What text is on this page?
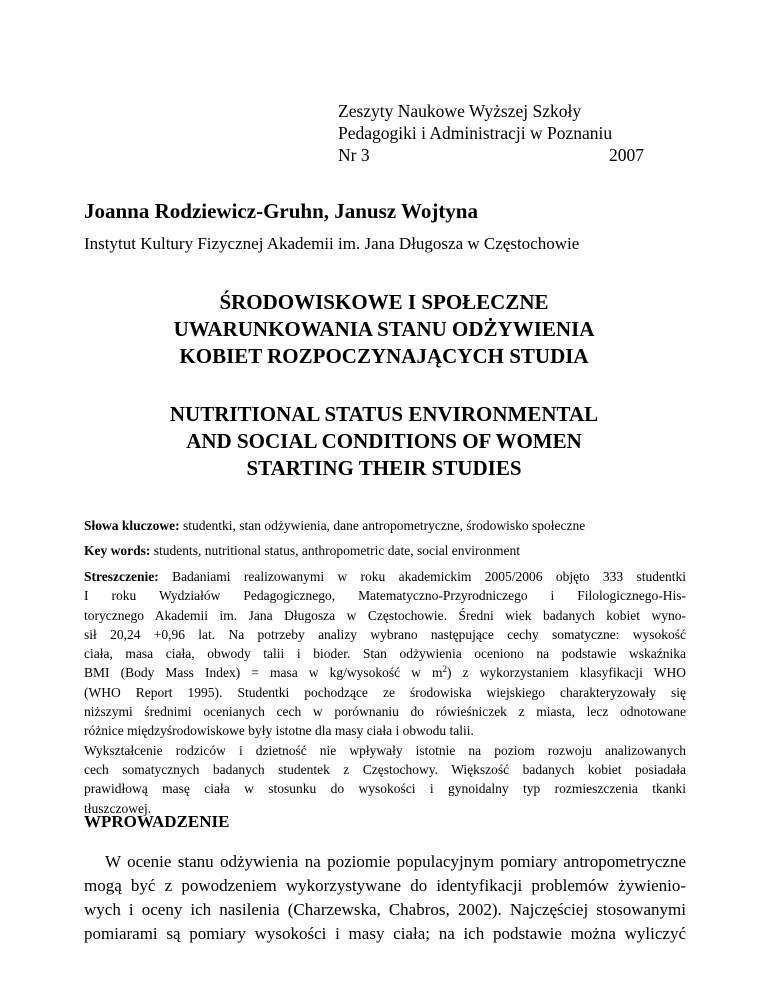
Zeszyty Naukowe Wyższej Szkoły
Pedagogiki i Administracji w Poznaniu
Nr 3	2007
Joanna Rodziewicz-Gruhn, Janusz Wojtyna
Instytut Kultury Fizycznej Akademii im. Jana Długosza w Częstochowie
ŚRODOWISKOWE I SPOŁECZNE
UWARUNKOWANIA STANU ODŻYWIENIA
KOBIET ROZPOCZYNAJĄCYCH STUDIA
NUTRITIONAL STATUS ENVIRONMENTAL
AND SOCIAL CONDITIONS OF WOMEN
STARTING THEIR STUDIES
Słowa kluczowe: studentki, stan odżywienia, dane antropometryczne, środowisko społeczne
Key words: students, nutritional status, anthropometric date, social environment
Streszczenie: Badaniami realizowanymi w roku akademickim 2005/2006 objęto 333 studentki
I roku Wydziałów Pedagogicznego, Matematyczno-Przyrodniczego i Filologicznego-His-
torycznego Akademii im. Jana Długosza w Częstochowie. Średni wiek badanych kobiet wyno-
sił 20,24 +0,96 lat. Na potrzeby analizy wybrano następujące cechy somatyczne: wysokość
ciała, masa ciała, obwody talii i bioder. Stan odżywienia oceniono na podstawie wskaźnika
BMI (Body Mass Index) = masa w kg/wysokość w $m^2$) z wykorzystaniem klasyfikacji WHO
(WHO Report 1995). Studentki pochodzące ze środowiska wiejskiego charakteryzowały się
niższymi średnimi ocenianych cech w porównaniu do rówieśniczek z miasta, lecz odnotowane
różnice międzyśrodowiskowe były istotne dla masy ciała i obwodu talii.
Wykształcenie rodziców i dzietność nie wpływały istotnie na poziom rozwoju analizowanych
cech somatycznych badanych studentek z Częstochowy. Większość badanych kobiet posiadała
prawidłową masę ciała w stosunku do wysokości i gynoidalny typ rozmieszczenia tkanki
tłuszczowej.
WPROWADZENIE
W ocenie stanu odżywienia na poziomie populacyjnym pomiary antropometryczne
mogą być z powodzeniem wykorzystywane do identyfikacji problemów żywienio-
wych i oceny ich nasilenia (Charzewska, Chabros, 2002). Najczęściej stosowanymi
pomiarami są pomiary wysokości i masy ciała; na ich podstawie można wyliczyć
